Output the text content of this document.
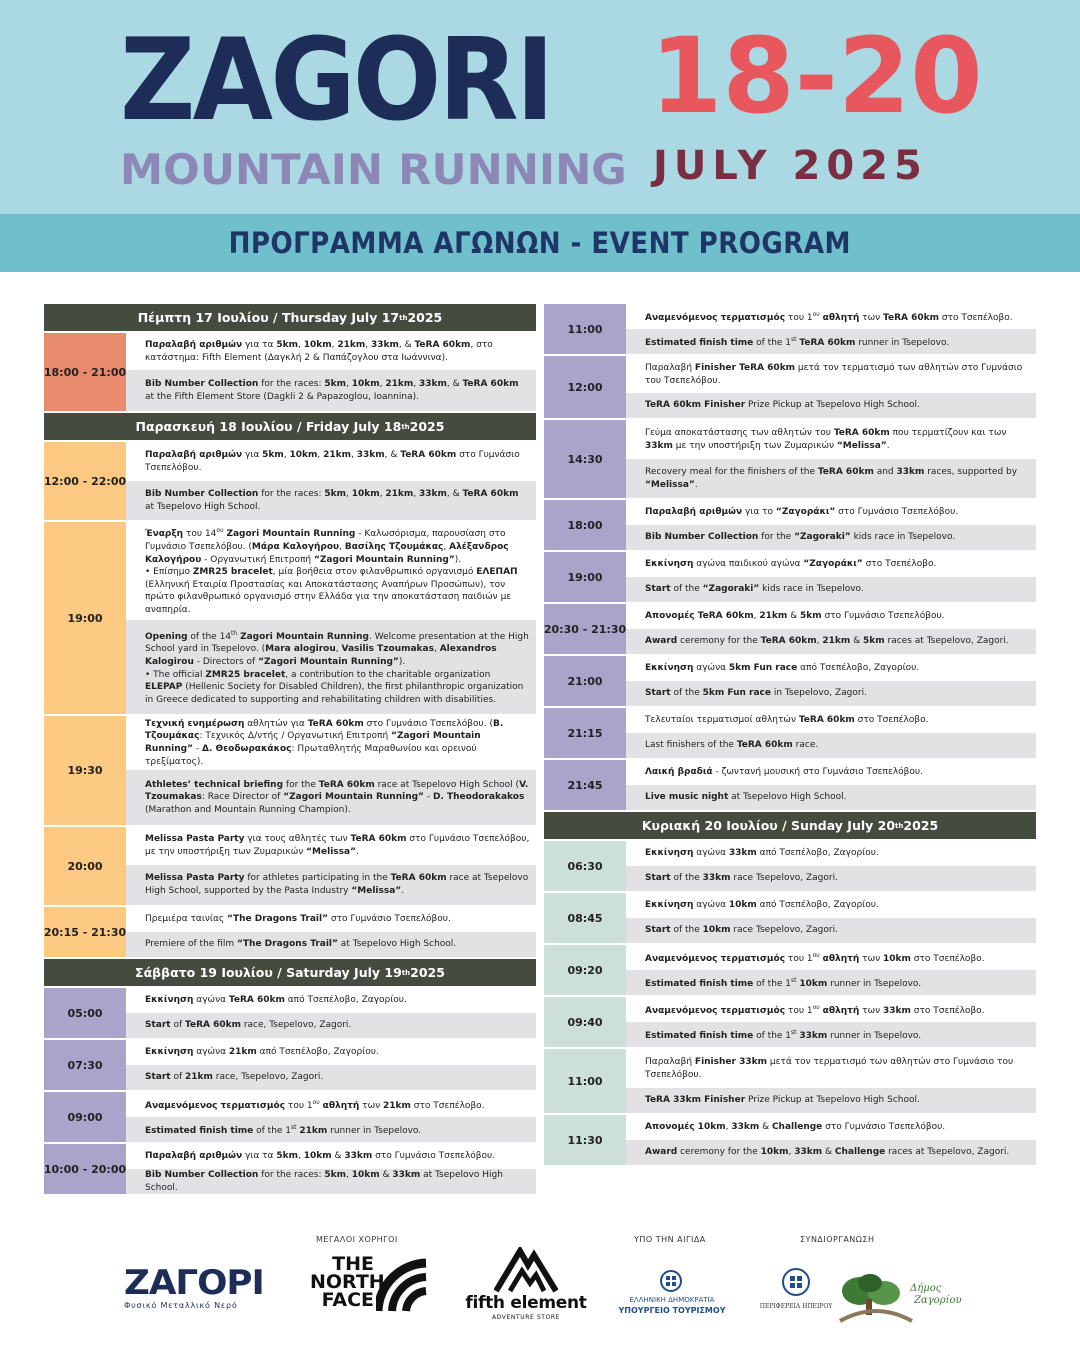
ZAGORI
MOUNTAIN RUNNING
18-20
JULY 2025
ΠΡΟΓΡΑΜΜΑ ΑΓΩΝΩΝ - EVENT PROGRAM
Πέμπτη 17 Ιουλίου / Thursday July 17 th 2025
18:00 - 21:00
Παραλαβή αριθμών για τα 5km, 10km, 21km, 33km, & TeRA 60km, στο κατάστημα: Fifth Element (Δαγκλή 2 & Παπάζογλου στα Ιωάννινα).
Bib Number Collection for the races: 5km, 10km, 21km, 33km, & TeRA 60km at the Fifth Element Store (Dagkli 2 & Papazoglou, Ioannina).
Παρασκευή 18 Ιουλίου / Friday July 18 th 2025
12:00 - 22:00
Παραλαβή αριθμών για 5km, 10km, 21km, 33km, & TeRA 60km στο Γυμνάσιο Τσεπελόβου.
Bib Number Collection for the races: 5km, 10km, 21km, 33km, & TeRA 60km at Tsepelovo High School.
19:00
Έναρξη του $14^{o\upsilon}$ Zagori Mountain Running - Καλωσόρισμα, παρουσίαση στο Γυμνάσιο Τσεπελόβου. (Μάρα Καλογήρου, Βασίλης Τζουμάκας, Αλέξανδρος Καλογήρου - Οργανωτική Επιτροπή “Zagori Mountain Running”).
• Επίσημο ZMR25 bracelet, μία βοήθεια στον φιλανθρωπικό οργανισμό ΕΛΕΠΑΠ (Ελληνική Εταιρία Προστασίας και Αποκατάστασης Αναπήρων Προσώπων), τον πρώτο φιλανθρωπικό οργανισμό στην Ελλάδα για την αποκατάσταση παιδιών με αναπηρία.
Opening of the 14th Zagori Mountain Running. Welcome presentation at the High School yard in Tsepelovo. (Mara alogirou, Vasilis Tzoumakas, Alexandros Kalogirou - Directors of “Zagori Mountain Running”).
• The official ZMR25 bracelet, a contribution to the charitable organization ELEPAP (Hellenic Society for Disabled Children), the first philanthropic organization in Greece dedicated to supporting and rehabilitating children with disabilities.
19:30
Τεχνική ενημέρωση αθλητών για TeRA 60km στο Γυμνάσιο Τσεπελόβου. (Β. Τζουμάκας: Τεχνικός Δ/ντής / Οργανωτική Επιτροπή “Zagori Mountain Running” - Δ. Θεοδωρακάκος: Πρωταθλητής Μαραθωνίου και ορεινού τρεξίματος).
Athletes’ technical briefing for the TeRA 60km race at Tsepelovo High School (V. Tzoumakas: Race Director of “Zagori Mountain Running” - D. Theodorakakos (Marathon and Mountain Running Champion).
20:00
Melissa Pasta Party για τους αθλητές των TeRA 60km στο Γυμνάσιο Τσεπελόβου, με την υποστήριξη των Ζυμαρικών “Melissa”.
Melissa Pasta Party for athletes participating in the TeRA 60km race at Tsepelovo High School, supported by the Pasta Industry “Melissa”.
20:15 - 21:30
Πρεμιέρα ταινίας “The Dragons Trail” στο Γυμνάσιο Τσεπελόβου.
Premiere of the film “The Dragons Trail” at Tsepelovo High School.
Σάββατο 19 Ιουλίου / Saturday July 19 th 2025
05:00
Εκκίνηση αγώνα TeRA 60km από Τσεπέλοβο, Ζαγορίου.
Start of TeRA 60km race, Tsepelovo, Zagori.
07:30
Εκκίνηση αγώνα 21km από Τσεπέλοβο, Ζαγορίου.
Start of 21km race, Tsepelovo, Zagori.
09:00
Αναμενόμενος τερματισμός του $1^{o\upsilon}$ αθλητή των 21km στο Τσεπέλοβο.
Estimated finish time of the 1st 21km runner in Tsepelovo.
10:00 - 20:00
Παραλαβή αριθμών για τα 5km, 10km & 33km στο Γυμνάσιο Τσεπελόβου.
Bib Number Collection for the races: 5km, 10km & 33km at Tsepelovo High School.
11:00
Αναμενόμενος τερματισμός του $1^{o\upsilon}$ αθλητή των TeRA 60km στο Τσεπέλοβο.
Estimated finish time of the 1st TeRA 60km runner in Tsepelovo.
12:00
Παραλαβή Finisher TeRA 60km μετά τον τερματισμό των αθλητών στο Γυμνάσιο του Τσεπελόβου.
TeRA 60km Finisher Prize Pickup at Tsepelovo High School.
14:30
Γεύμα αποκατάστασης των αθλητών του TeRA 60km που τερματίζουν και των 33km με την υποστήριξη των Ζυμαρικών “Melissa”.
Recovery meal for the finishers of the TeRA 60km and 33km races, supported by “Melissa”.
18:00
Παραλαβή αριθμών για το “Ζαγοράκι” στο Γυμνάσιο Τσεπελόβου.
Bib Number Collection for the “Zagoraki” kids race in Tsepelovo.
19:00
Εκκίνηση αγώνα παιδικού αγώνα “Ζαγοράκι” στο Τσεπέλοβο.
Start of the “Zagoraki” kids race in Tsepelovo.
20:30 - 21:30
Απονομές TeRA 60km, 21km & 5km στο Γυμνάσιο Τσεπελόβου.
Award ceremony for the TeRA 60km, 21km & 5km races at Tsepelovo, Zagori.
21:00
Εκκίνηση αγώνα 5km Fun race από Τσεπέλοβο, Ζαγορίου.
Start of the 5km Fun race in Tsepelovo, Zagori.
21:15
Τελευταίοι τερματισμοί αθλητών TeRA 60km στο Τσεπέλοβο.
Last finishers of the TeRA 60km race.
21:45
Λαική βραδιά - ζωντανή μουσική στο Γυμνάσιο Τσεπελόβου.
Live music night at Tsepelovo High School.
Κυριακή 20 Ιουλίου / Sunday July 20 th 2025
06:30
Εκκίνηση αγώνα 33km από Τσεπέλοβο, Ζαγορίου.
Start of the 33km race Tsepelovo, Zagori.
08:45
Εκκίνηση αγώνα 10km από Τσεπέλοβο, Ζαγορίου.
Start of the 10km race Tsepelovo, Zagori.
09:20
Αναμενόμενος τερματισμός του $1^{o\upsilon}$ αθλητή των 10km στο Τσεπέλοβο.
Estimated finish time of the 1st 10km runner in Tsepelovo.
09:40
Αναμενόμενος τερματισμός του $1^{o\upsilon}$ αθλητή των 33km στο Τσεπέλοβο.
Estimated finish time of the 1st 33km runner in Tsepelovo.
11:00
Παραλαβή Finisher 33km μετά τον τερματισμό των αθλητών στο Γυμνάσιο του Τσεπελόβου.
TeRA 33km Finisher Prize Pickup at Tsepelovo High School.
11:30
Απονομές 10km, 33km & Challenge στο Γυμνάσιο Τσεπελόβου.
Award ceremony for the 10km, 33km & Challenge races at Tsepelovo, Zagori.
ΜΕΓΑΛΟΙ ΧΟΡΗΓΟΙ	ΥΠΟ ΤΗΝ ΑΙΓΙΔΑ	ΣΥΝΔΙΟΡΓΑΝΩΣΗ
ΖΑΓΟΡΙ
Φυσικό Μεταλλικό Νερό
THE
NORTH
FACE	fifth element
ADVENTURE STORE
ΕΛΛΗΝΙΚΗ ΔΗΜΟΚΡΑΤΙΑ
ΥΠΟΥΡΓΕΙΟ ΤΟΥΡΙΣΜΟΥ	ΠΕΡΙΦΕΡΕΙΑ ΗΠΕΙΡΟΥ
Δήμος
Ζαγορίου
